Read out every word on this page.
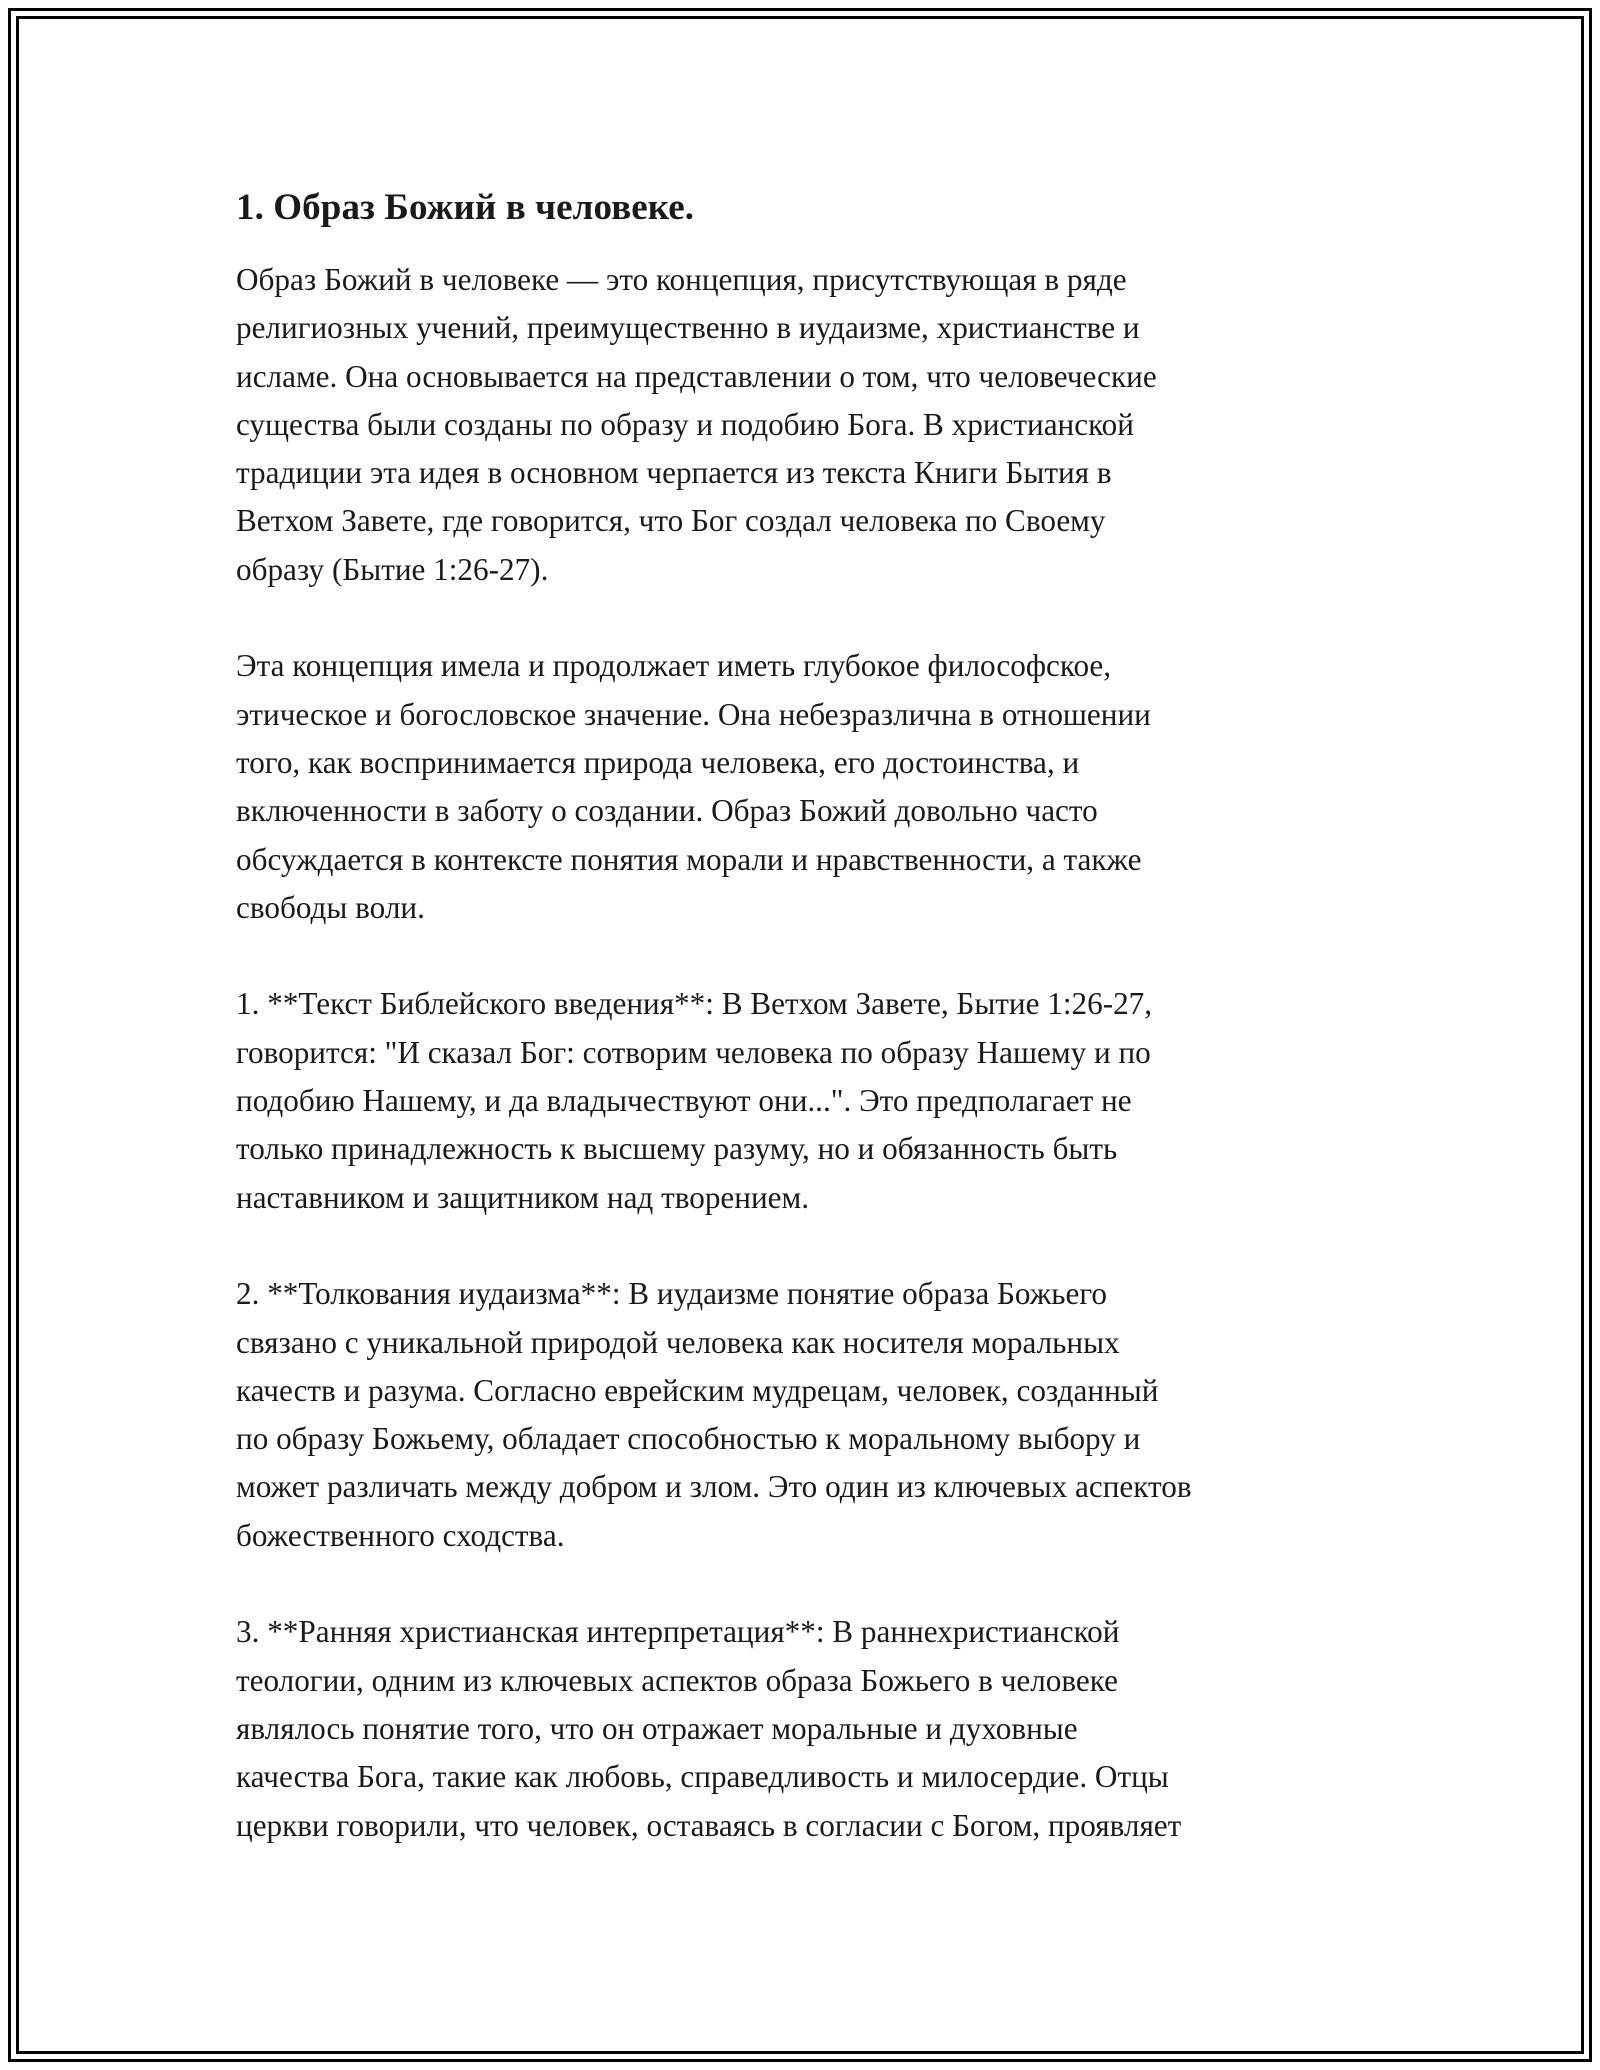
1. Образ Божий в человеке.

Образ Божий в человеке — это концепция, присутствующая в ряде
религиозных учений, преимущественно в иудаизме, христианстве и
исламе. Она основывается на представлении о том, что человеческие
существа были созданы по образу и подобию Бога. В христианской
традиции эта идея в основном черпается из текста Книги Бытия в
Ветхом Завете, где говорится, что Бог создал человека по Своему
образу (Бытие 1:26-27).

Эта концепция имела и продолжает иметь глубокое философское,
этическое и богословское значение. Она небезразлична в отношении
того, как воспринимается природа человека, его достоинства, и
включенности в заботу о создании. Образ Божий довольно часто
обсуждается в контексте понятия морали и нравственности, а также
свободы воли.

1. **Текст Библейского введения**: В Ветхом Завете, Бытие 1:26-27,
говорится: "И сказал Бог: сотворим человека по образу Нашему и по
подобию Нашему, и да владычествуют они...". Это предполагает не
только принадлежность к высшему разуму, но и обязанность быть
наставником и защитником над творением.

2. **Толкования иудаизма**: В иудаизме понятие образа Божьего
связано с уникальной природой человека как носителя моральных
качеств и разума. Согласно еврейским мудрецам, человек, созданный
по образу Божьему, обладает способностью к моральному выбору и
может различать между добром и злом. Это один из ключевых аспектов
божественного сходства.

3. **Ранняя христианская интерпретация**: В раннехристианской
теологии, одним из ключевых аспектов образа Божьего в человеке
являлось понятие того, что он отражает моральные и духовные
качества Бога, такие как любовь, справедливость и милосердие. Отцы
церкви говорили, что человек, оставаясь в согласии с Богом, проявляет
